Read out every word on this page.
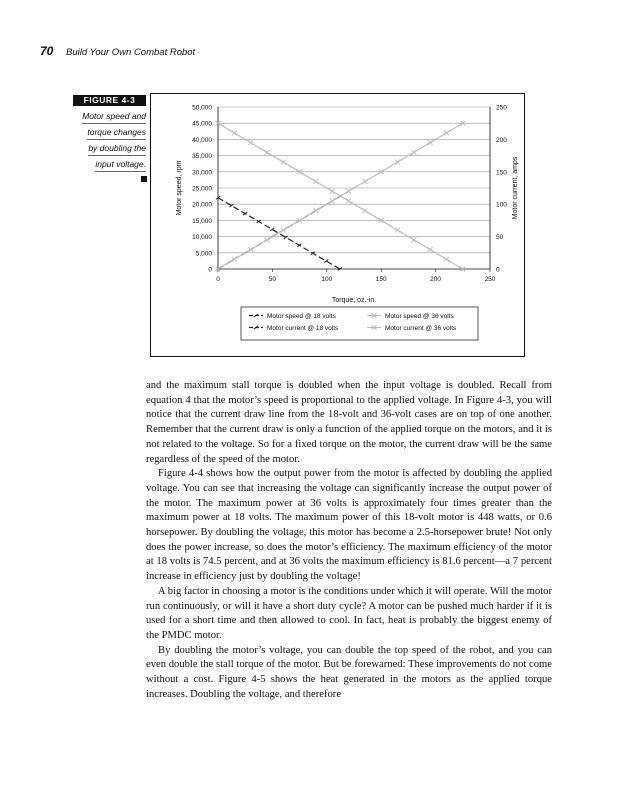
70 Build Your Own Combat Robot
FIGURE 4-3
Motor speed and
torque changes
by doubling the
input voltage.
0
5,000
10,000
15,000
20,000
25,000
30,000
35,000
40,000
45,000
50,000
0
50
100
150
200
250
0	50	100	150	200	250
Torque, oz.-in.
Motor speed, rpm	Motor current, amps
Motor speed @ 18 volts	Motor speed @ 36 volts
Motor current @ 18 volts	Motor current @ 36 volts

and the maximum stall torque is doubled when the input voltage is doubled. Recall from equation 4 that the motor’s speed is proportional to the applied voltage. In Figure 4-3, you will notice that the current draw line from the 18-volt and 36-volt cases are on top of one another. Remember that the current draw is only a function of the applied torque on the motors, and it is not related to the voltage. So for a fixed torque on the motor, the current draw will be the same regardless of the speed of the motor.

Figure 4-4 shows how the output power from the motor is affected by doubling the applied voltage. You can see that increasing the voltage can significantly increase the output power of the motor. The maximum power at 36 volts is approximately four times greater than the maximum power at 18 volts. The maximum power of this 18-volt motor is 448 watts, or 0.6 horsepower. By doubling the voltage, this motor has become a 2.5-horsepower brute! Not only does the power increase, so does the motor’s efficiency. The maximum efficiency of the motor at 18 volts is 74.5 percent, and at 36 volts the maximum efficiency is 81.6 percent—a 7 percent increase in efficiency just by doubling the voltage!

A big factor in choosing a motor is the conditions under which it will operate. Will the motor run continuously, or will it have a short duty cycle? A motor can be pushed much harder if it is used for a short time and then allowed to cool. In fact, heat is probably the biggest enemy of the PMDC motor.

By doubling the motor’s voltage, you can double the top speed of the robot, and you can even double the stall torque of the motor. But be forewarned: These improvements do not come without a cost. Figure 4-5 shows the heat generated in the motors as the applied torque increases. Doubling the voltage, and therefore
